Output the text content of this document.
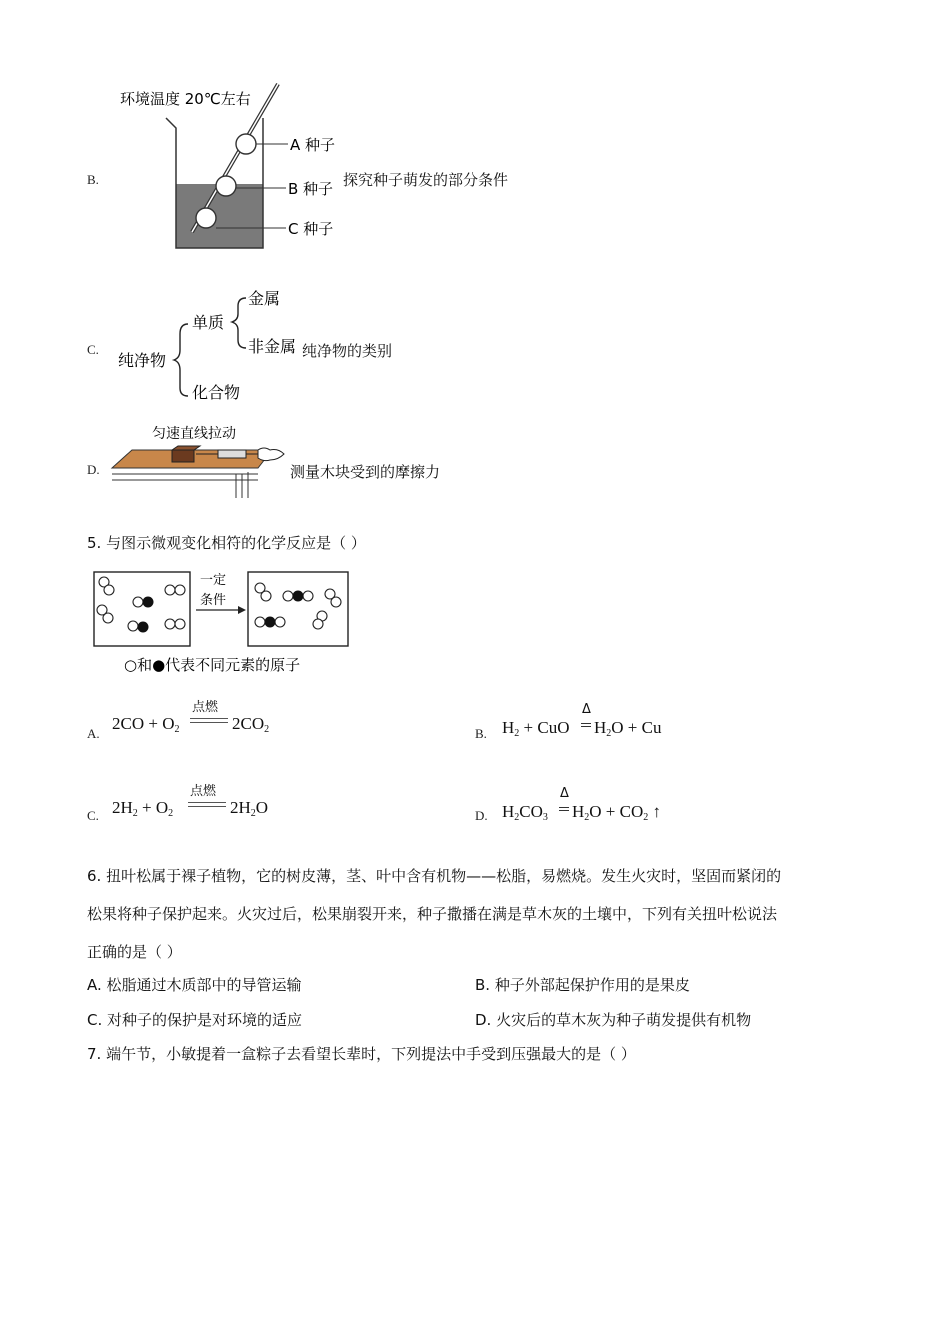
B.
环境温度 20℃左右
A 种子
B 种子
C 种子
探究种子萌发的部分条件
C.
纯净物
单质
化合物
金属
非金属 纯净物的类别
D.
匀速直线拉动
测量木块受到的摩擦力
5. 与图示微观变化相符的化学反应是（ ）
一定
条件
○和●代表不同元素的原子
A.
$2CO + O_2$
点燃
$2CO_2$	B. $H_2$ + CuO
Δ
$H_2O + Cu$
C. $2H_2 + O_2$
点燃
$2H_2O$	D. $H_2CO_3$
Δ
$H_2O + CO_2$ ↑
6. 扭叶松属于裸子植物，它的树皮薄，茎、叶中含有机物——松脂，易燃烧。发生火灾时，坚固而紧闭的
松果将种子保护起来。火灾过后，松果崩裂开来，种子撒播在满是草木灰的土壤中，下列有关扭叶松说法
正确的是（ ）
A. 松脂通过木质部中的导管运输	B. 种子外部起保护作用的是果皮
C. 对种子的保护是对环境的适应	D. 火灾后的草木灰为种子萌发提供有机物
7. 端午节，小敏提着一盒粽子去看望长辈时，下列提法中手受到压强最大的是（ ）
